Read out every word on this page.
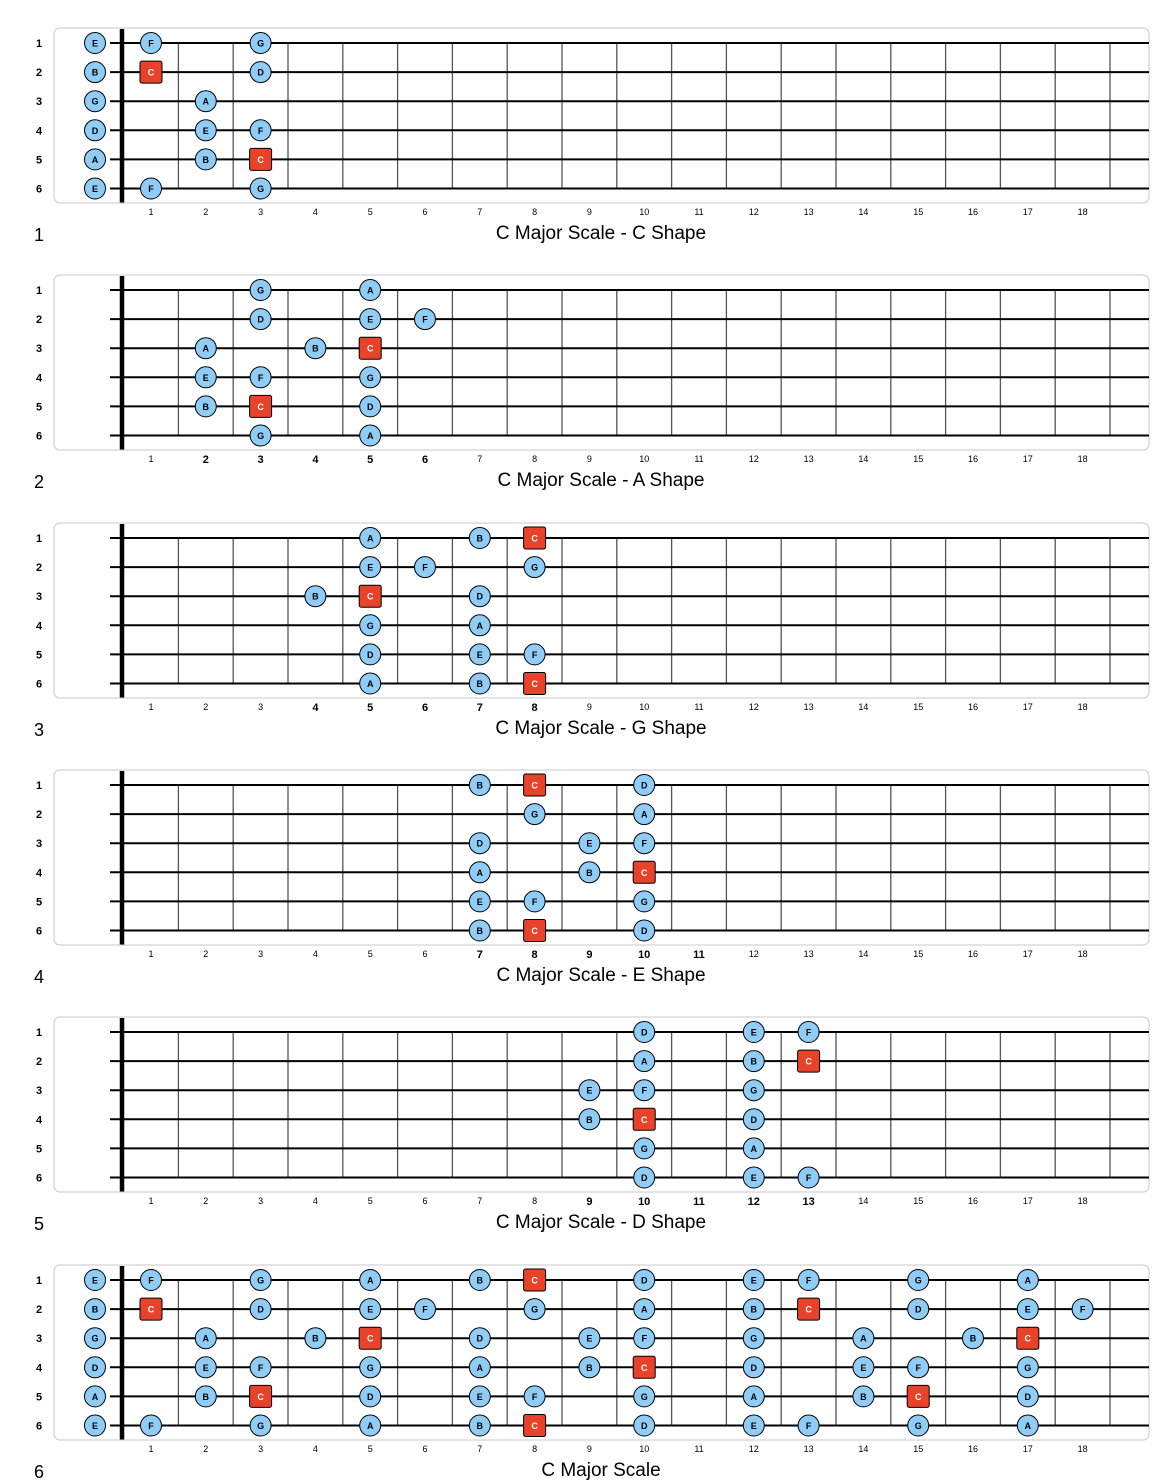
1
2
3
4
5
6
1	2	3	4	5	6	7	8	9	10	11	12	13	14	15	16	17	18
E	F	G
B	C	D
G	A
D	E	F
A	B	C
E	F	G
1	C Major Scale - C Shape
1
2
3
4
5
6
1	2	3	4	5	6	7	8	9	10	11	12	13	14	15	16	17	18
G	A
D	E	F
A	B	C
E	F	G
B	C	D
G	A
2	C Major Scale - A Shape
1
2
3
4
5
6
1	2	3	4	5	6	7	8	9	10	11	12	13	14	15	16	17	18
A	B	C
E	F	G
B	C	D
G	A
D	E	F
A	B	C
3	C Major Scale - G Shape
1
2
3
4
5
6
1	2	3	4	5	6	7	8	9	10	11	12	13	14	15	16	17	18
B	C	D
G	A
D	E	F
A	B	C
E	F	G
B	C	D
4	C Major Scale - E Shape
1
2
3
4
5
6
1	2	3	4	5	6	7	8	9	10	11	12	13	14	15	16	17	18
D	E	F
A	B	C
E	F	G
B	C	D
G	A
D	E	F
5	C Major Scale - D Shape
1
2
3
4
5
6
1	2	3	4	5	6	7	8	9	10	11	12	13	14	15	16	17	18
E	F	G	A	B	C	D	E	F	G	A
B	C	D	E	F	G	A	B	C	D	E	F
G	A	B	C	D	E	F	G	A	B	C
D	E	F	G	A	B	C	D	E	F	G
A	B	C	D	E	F	G	A	B	C	D
E	F	G	A	B	C	D	E	F	G	A
6	C Major Scale
